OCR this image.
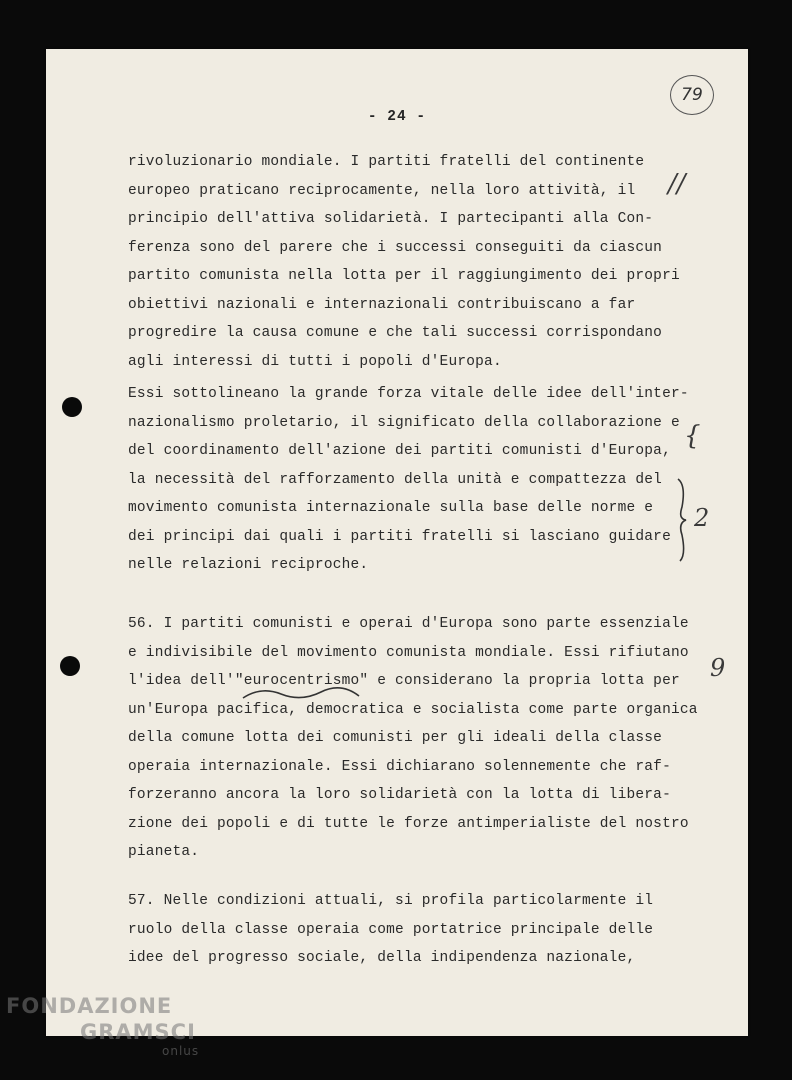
- 24 -
79
rivoluzionario mondiale. I partiti fratelli del continente
europeo praticano reciprocamente, nella loro attività, il
principio dell'attiva solidarietà. I partecipanti alla Con-
ferenza sono del parere che i successi conseguiti da ciascun
partito comunista nella lotta per il raggiungimento dei propri
obiettivi nazionali e internazionali contribuiscano a far
progredire la causa comune e che tali successi corrispondano
agli interessi di tutti i popoli d'Europa.
Essi sottolineano la grande forza vitale delle idee dell'inter-
nazionalismo proletario, il significato della collaborazione e
del coordinamento dell'azione dei partiti comunisti d'Europa,
la necessità del rafforzamento della unità e compattezza del
movimento comunista internazionale sulla base delle norme e
dei principi dai quali i partiti fratelli si lasciano guidare
nelle relazioni reciproche.
56. I partiti comunisti e operai d'Europa sono parte essenziale
e indivisibile del movimento comunista mondiale. Essi rifiutano
l'idea dell'"eurocentrismo" e considerano la propria lotta per
un'Europa pacifica, democratica e socialista come parte organica
della comune lotta dei comunisti per gli ideali della classe
operaia internazionale. Essi dichiarano solennemente che raf-
forzeranno ancora la loro solidarietà con la lotta di libera-
zione dei popoli e di tutte le forze antimperialiste del nostro
pianeta.
57. Nelle condizioni attuali, si profila particolarmente il
ruolo della classe operaia come portatrice principale delle
idee del progresso sociale, della indipendenza nazionale,
//
{
2
9
FONDAZIONE
GRAMSCI
onlus
